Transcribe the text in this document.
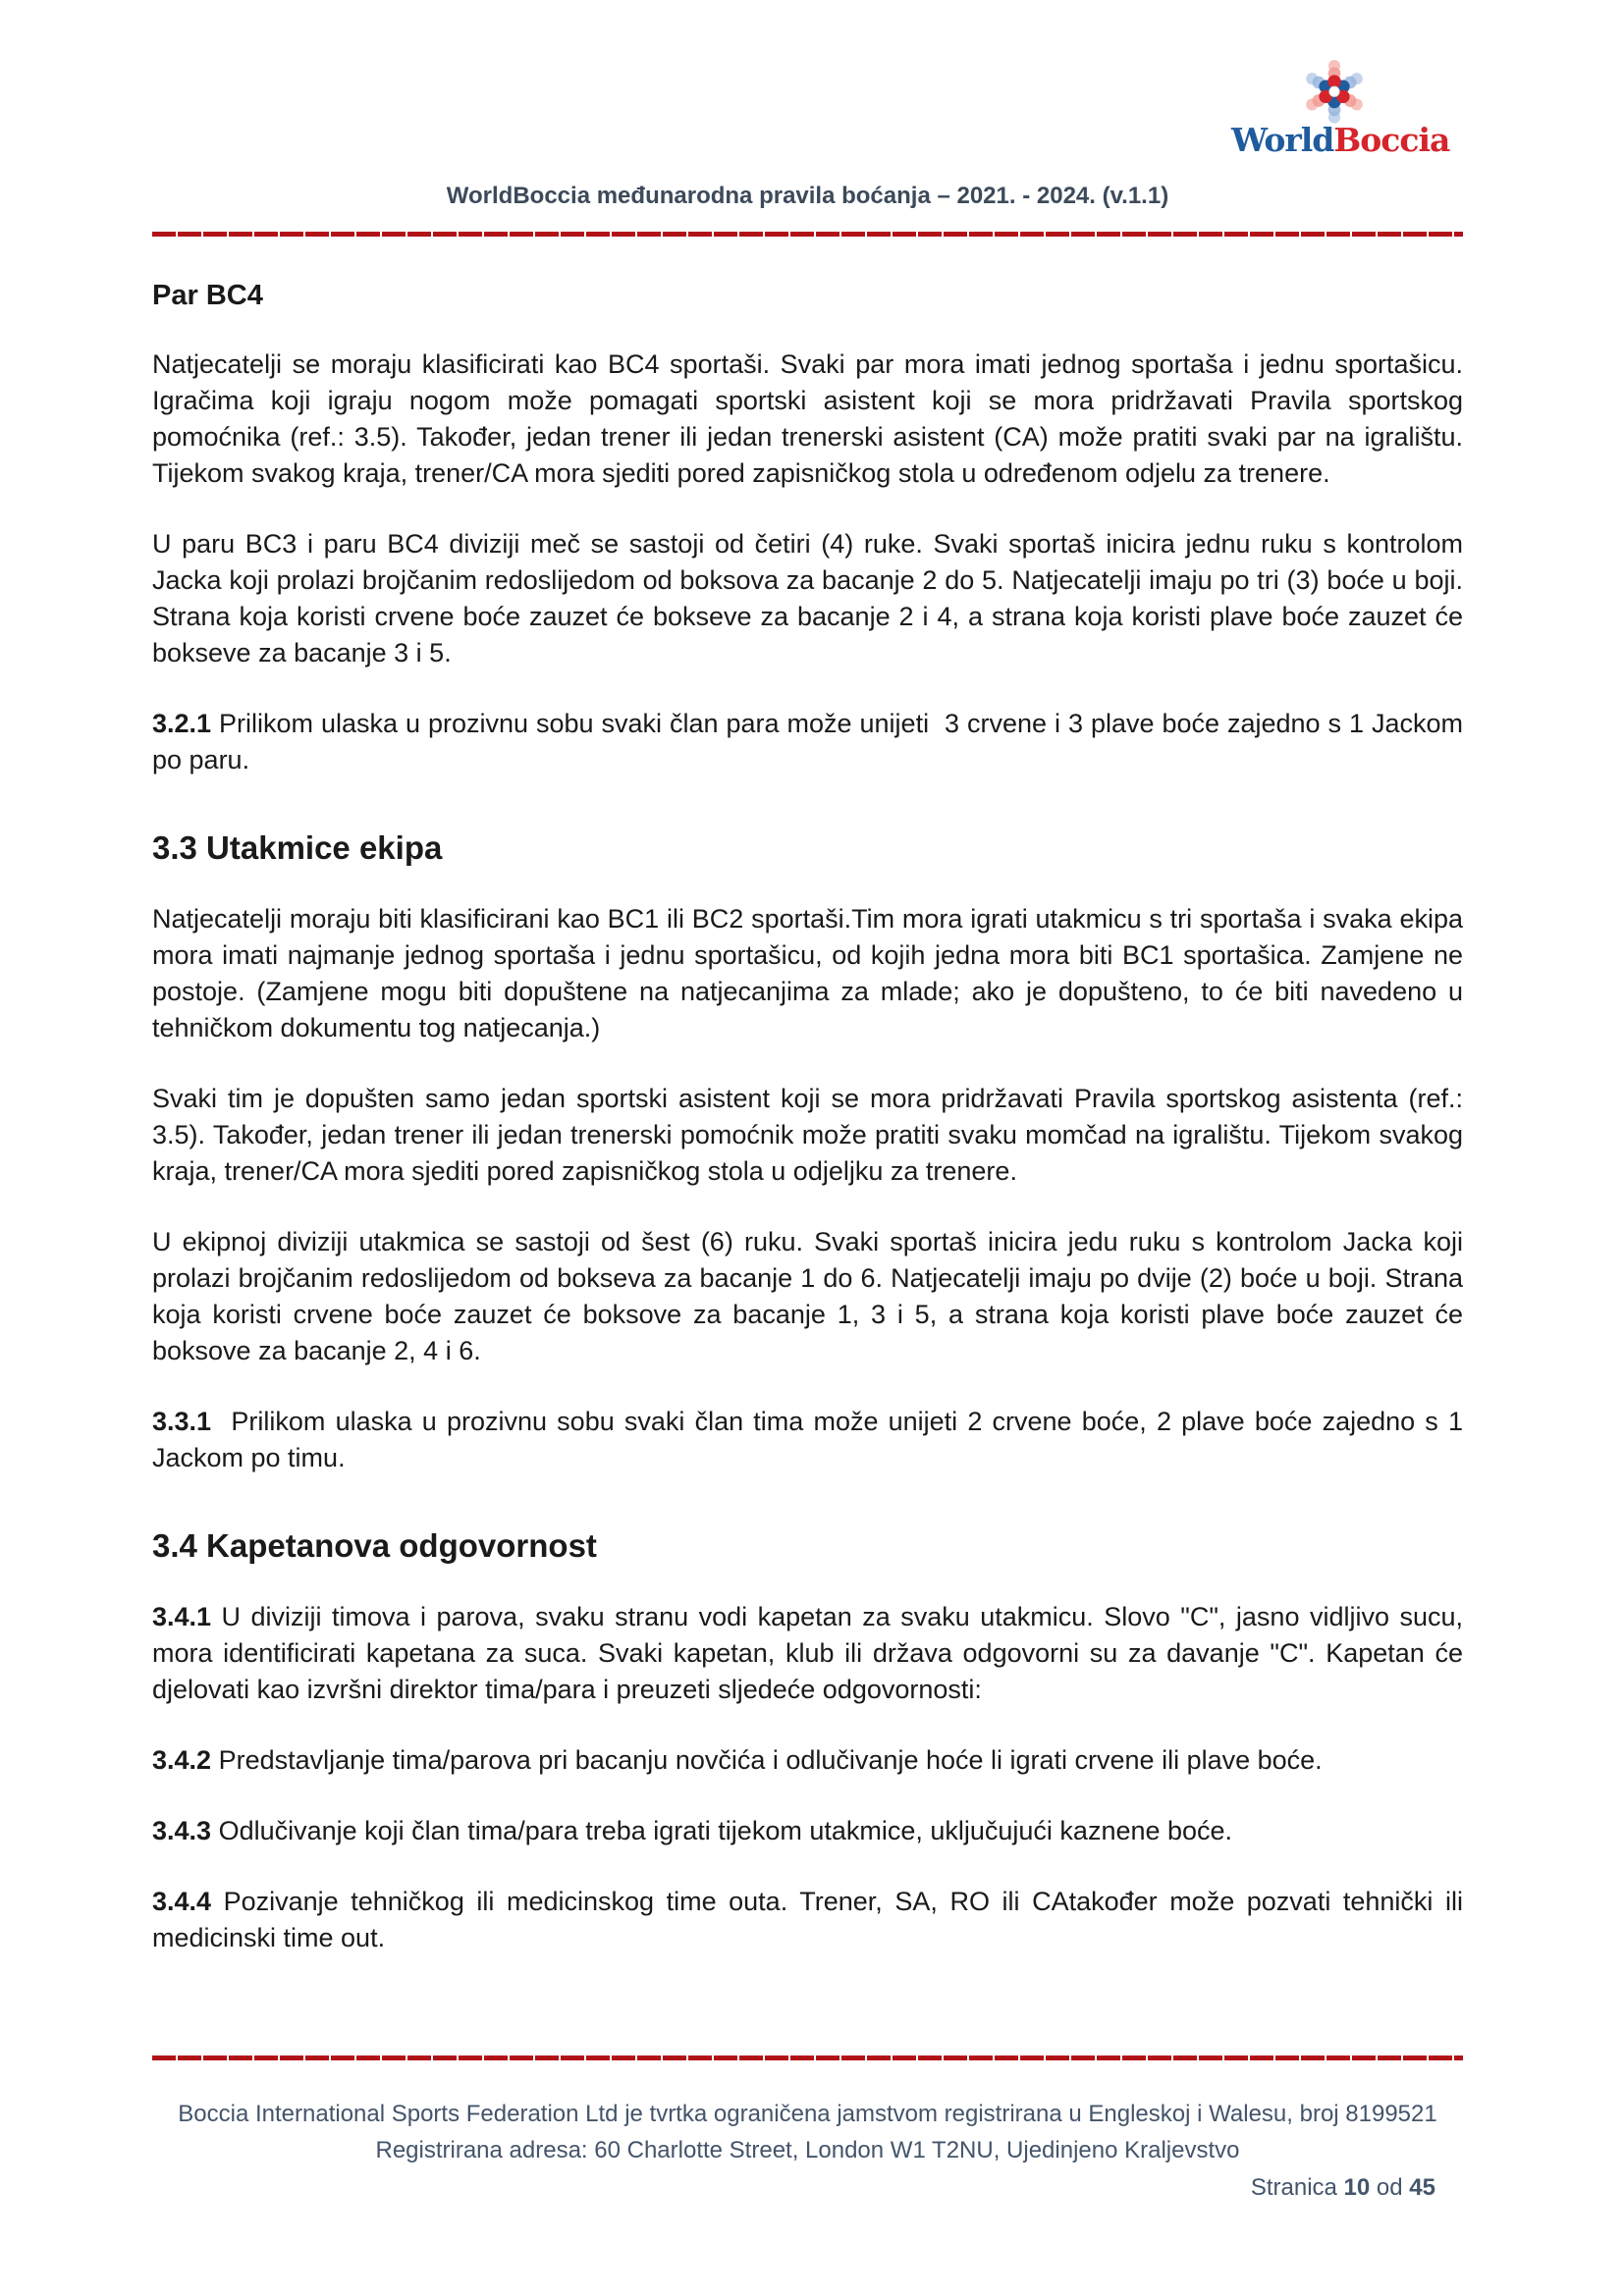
WorldBoccia
WorldBoccia međunarodna pravila boćanja – 2021. - 2024. (v.1.1)
Par BC4

Natjecatelji se moraju klasificirati kao BC4 sportaši. Svaki par mora imati jednog sportaša i jednu sportašicu. Igračima koji igraju nogom može pomagati sportski asistent koji se mora pridržavati Pravila sportskog pomoćnika (ref.: 3.5). Također, jedan trener ili jedan trenerski asistent (CA) može pratiti svaki par na igralištu. Tijekom svakog kraja, trener/CA mora sjediti pored zapisničkog stola u određenom odjelu za trenere.

U paru BC3 i paru BC4 diviziji meč se sastoji od četiri (4) ruke. Svaki sportaš inicira jednu ruku s kontrolom Jacka koji prolazi brojčanim redoslijedom od boksova za bacanje 2 do 5. Natjecatelji imaju po tri (3) boće u boji. Strana koja koristi crvene boće zauzet će bokseve za bacanje 2 i 4, a strana koja koristi plave boće zauzet će bokseve za bacanje 3 i 5.

3.2.1 Prilikom ulaska u prozivnu sobu svaki član para može unijeti  3 crvene i 3 plave boće zajedno s 1 Jackom po paru.

3.3 Utakmice ekipa

Natjecatelji moraju biti klasificirani kao BC1 ili BC2 sportaši.Tim mora igrati utakmicu s tri sportaša i svaka ekipa mora imati najmanje jednog sportaša i jednu sportašicu, od kojih jedna mora biti BC1 sportašica. Zamjene ne postoje. (Zamjene mogu biti dopuštene na natjecanjima za mlade; ako je dopušteno, to će biti navedeno u tehničkom dokumentu tog natjecanja.)

Svaki tim je dopušten samo jedan sportski asistent koji se mora pridržavati Pravila sportskog asistenta (ref.: 3.5). Također, jedan trener ili jedan trenerski pomoćnik može pratiti svaku momčad na igralištu. Tijekom svakog kraja, trener/CA mora sjediti pored zapisničkog stola u odjeljku za trenere.

U ekipnoj diviziji utakmica se sastoji od šest (6) ruku. Svaki sportaš inicira jedu ruku s kontrolom Jacka koji prolazi brojčanim redoslijedom od bokseva za bacanje 1 do 6. Natjecatelji imaju po dvije (2) boće u boji. Strana koja koristi crvene boće zauzet će boksove za bacanje 1, 3 i 5, a strana koja koristi plave boće zauzet će boksove za bacanje 2, 4 i 6.

3.3.1  Prilikom ulaska u prozivnu sobu svaki član tima može unijeti 2 crvene boće, 2 plave boće zajedno s 1 Jackom po timu.

3.4 Kapetanova odgovornost

3.4.1 U diviziji timova i parova, svaku stranu vodi kapetan za svaku utakmicu. Slovo "C", jasno vidljivo sucu, mora identificirati kapetana za suca. Svaki kapetan, klub ili država odgovorni su za davanje "C". Kapetan će djelovati kao izvršni direktor tima/para i preuzeti sljedeće odgovornosti:

3.4.2 Predstavljanje tima/parova pri bacanju novčića i odlučivanje hoće li igrati crvene ili plave boće.

3.4.3 Odlučivanje koji član tima/para treba igrati tijekom utakmice, uključujući kaznene boće.

3.4.4 Pozivanje tehničkog ili medicinskog time outa. Trener, SA, RO ili CAtakođer može pozvati tehnički ili medicinski time out.

Boccia International Sports Federation Ltd je tvrtka ograničena jamstvom registrirana u Engleskoj i Walesu, broj 8199521
Registrirana adresa: 60 Charlotte Street, London W1 T2NU, Ujedinjeno Kraljevstvo
Stranica 10 od 45
